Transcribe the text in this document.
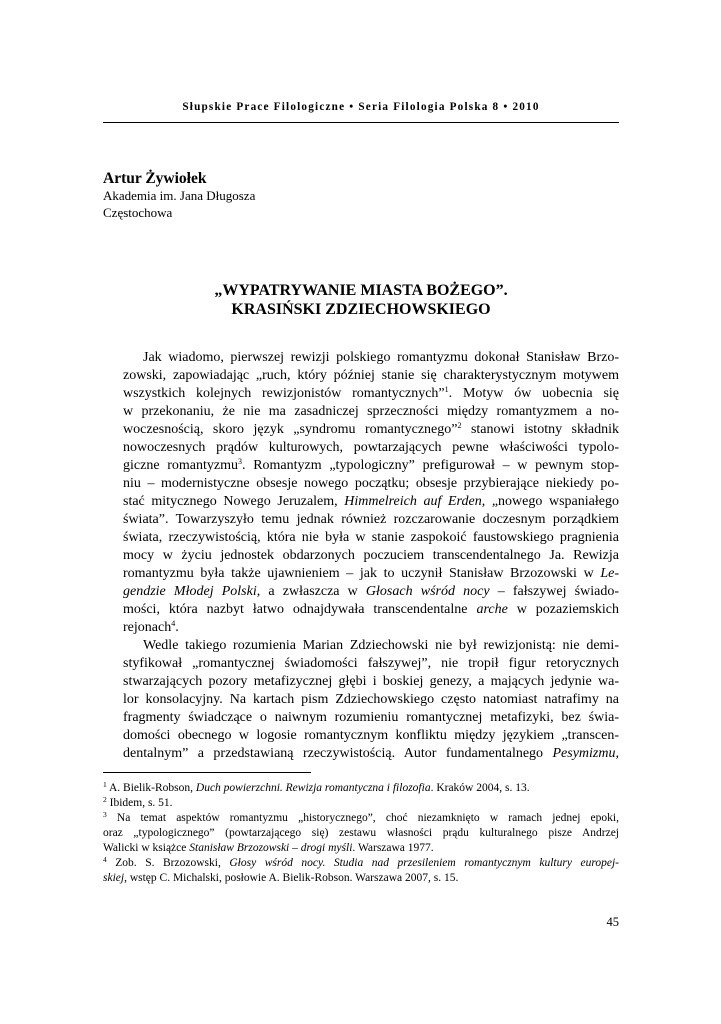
Słupskie Prace Filologiczne • Seria Filologia Polska 8 • 2010
Artur Żywiołek
Akademia im. Jana Długosza
Częstochowa
„WYPATRYWANIE MIASTA BOŻEGO”.
KRASIŃSKI ZDZIECHOWSKIEGO

Jak wiadomo, pierwszej rewizji polskiego romantyzmu dokonał Stanisław Brzo-
zowski, zapowiadając „ruch, który później stanie się charakterystycznym motywem
wszystkich kolejnych rewizjonistów romantycznych”$^1$. Motyw ów uobecnia się
w przekonaniu, że nie ma zasadniczej sprzeczności między romantyzmem a no-
woczesnością, skoro język „syndromu romantycznego”$^2$ stanowi istotny składnik
nowoczesnych prądów kulturowych, powtarzających pewne właściwości typolo-
giczne romantyzmu$^3$. Romantyzm „typologiczny” prefigurował – w pewnym stop-
niu – modernistyczne obsesje nowego początku; obsesje przybierające niekiedy po-
stać mitycznego Nowego Jeruzalem, Himmelreich auf Erden, „nowego wspaniałego
świata”. Towarzyszyło temu jednak również rozczarowanie doczesnym porządkiem
świata, rzeczywistością, która nie była w stanie zaspokoić faustowskiego pragnienia
mocy w życiu jednostek obdarzonych poczuciem transcendentalnego Ja. Rewizja
romantyzmu była także ujawnieniem – jak to uczynił Stanisław Brzozowski w Le-
gendzie Młodej Polski, a zwłaszcza w Głosach wśród nocy – fałszywej świado-
mości, która nazbyt łatwo odnajdywała transcendentalne arche w pozaziemskich
rejonach$^4$.

Wedle takiego rozumienia Marian Zdziechowski nie był rewizjonistą: nie demi-
styfikował „romantycznej świadomości fałszywej”, nie tropił figur retorycznych
stwarzających pozory metafizycznej głębi i boskiej genezy, a mających jedynie wa-
lor konsolacyjny. Na kartach pism Zdziechowskiego często natomiast natrafimy na
fragmenty świadczące o naiwnym rozumieniu romantycznej metafizyki, bez świa-
domości obecnego w logosie romantycznym konfliktu między językiem „transcen-
dentalnym” a przedstawianą rzeczywistością. Autor fundamentalnego Pesymizmu,

$^1$ A. Bielik-Robson, Duch powierzchni. Rewizja romantyczna i filozofia. Kraków 2004, s. 13.
$^2$ Ibidem, s. 51.
$^3$ Na temat aspektów romantyzmu „historycznego”, choć niezamknięto w ramach jednej epoki,
oraz „typologicznego” (powtarzającego się) zestawu własności prądu kulturalnego pisze Andrzej
Walicki w książce Stanisław Brzozowski – drogi myśli. Warszawa 1977.
$^4$ Zob. S. Brzozowski, Głosy wśród nocy. Studia nad przesileniem romantycznym kultury europej-
skiej, wstęp C. Michalski, posłowie A. Bielik-Robson. Warszawa 2007, s. 15.
45
